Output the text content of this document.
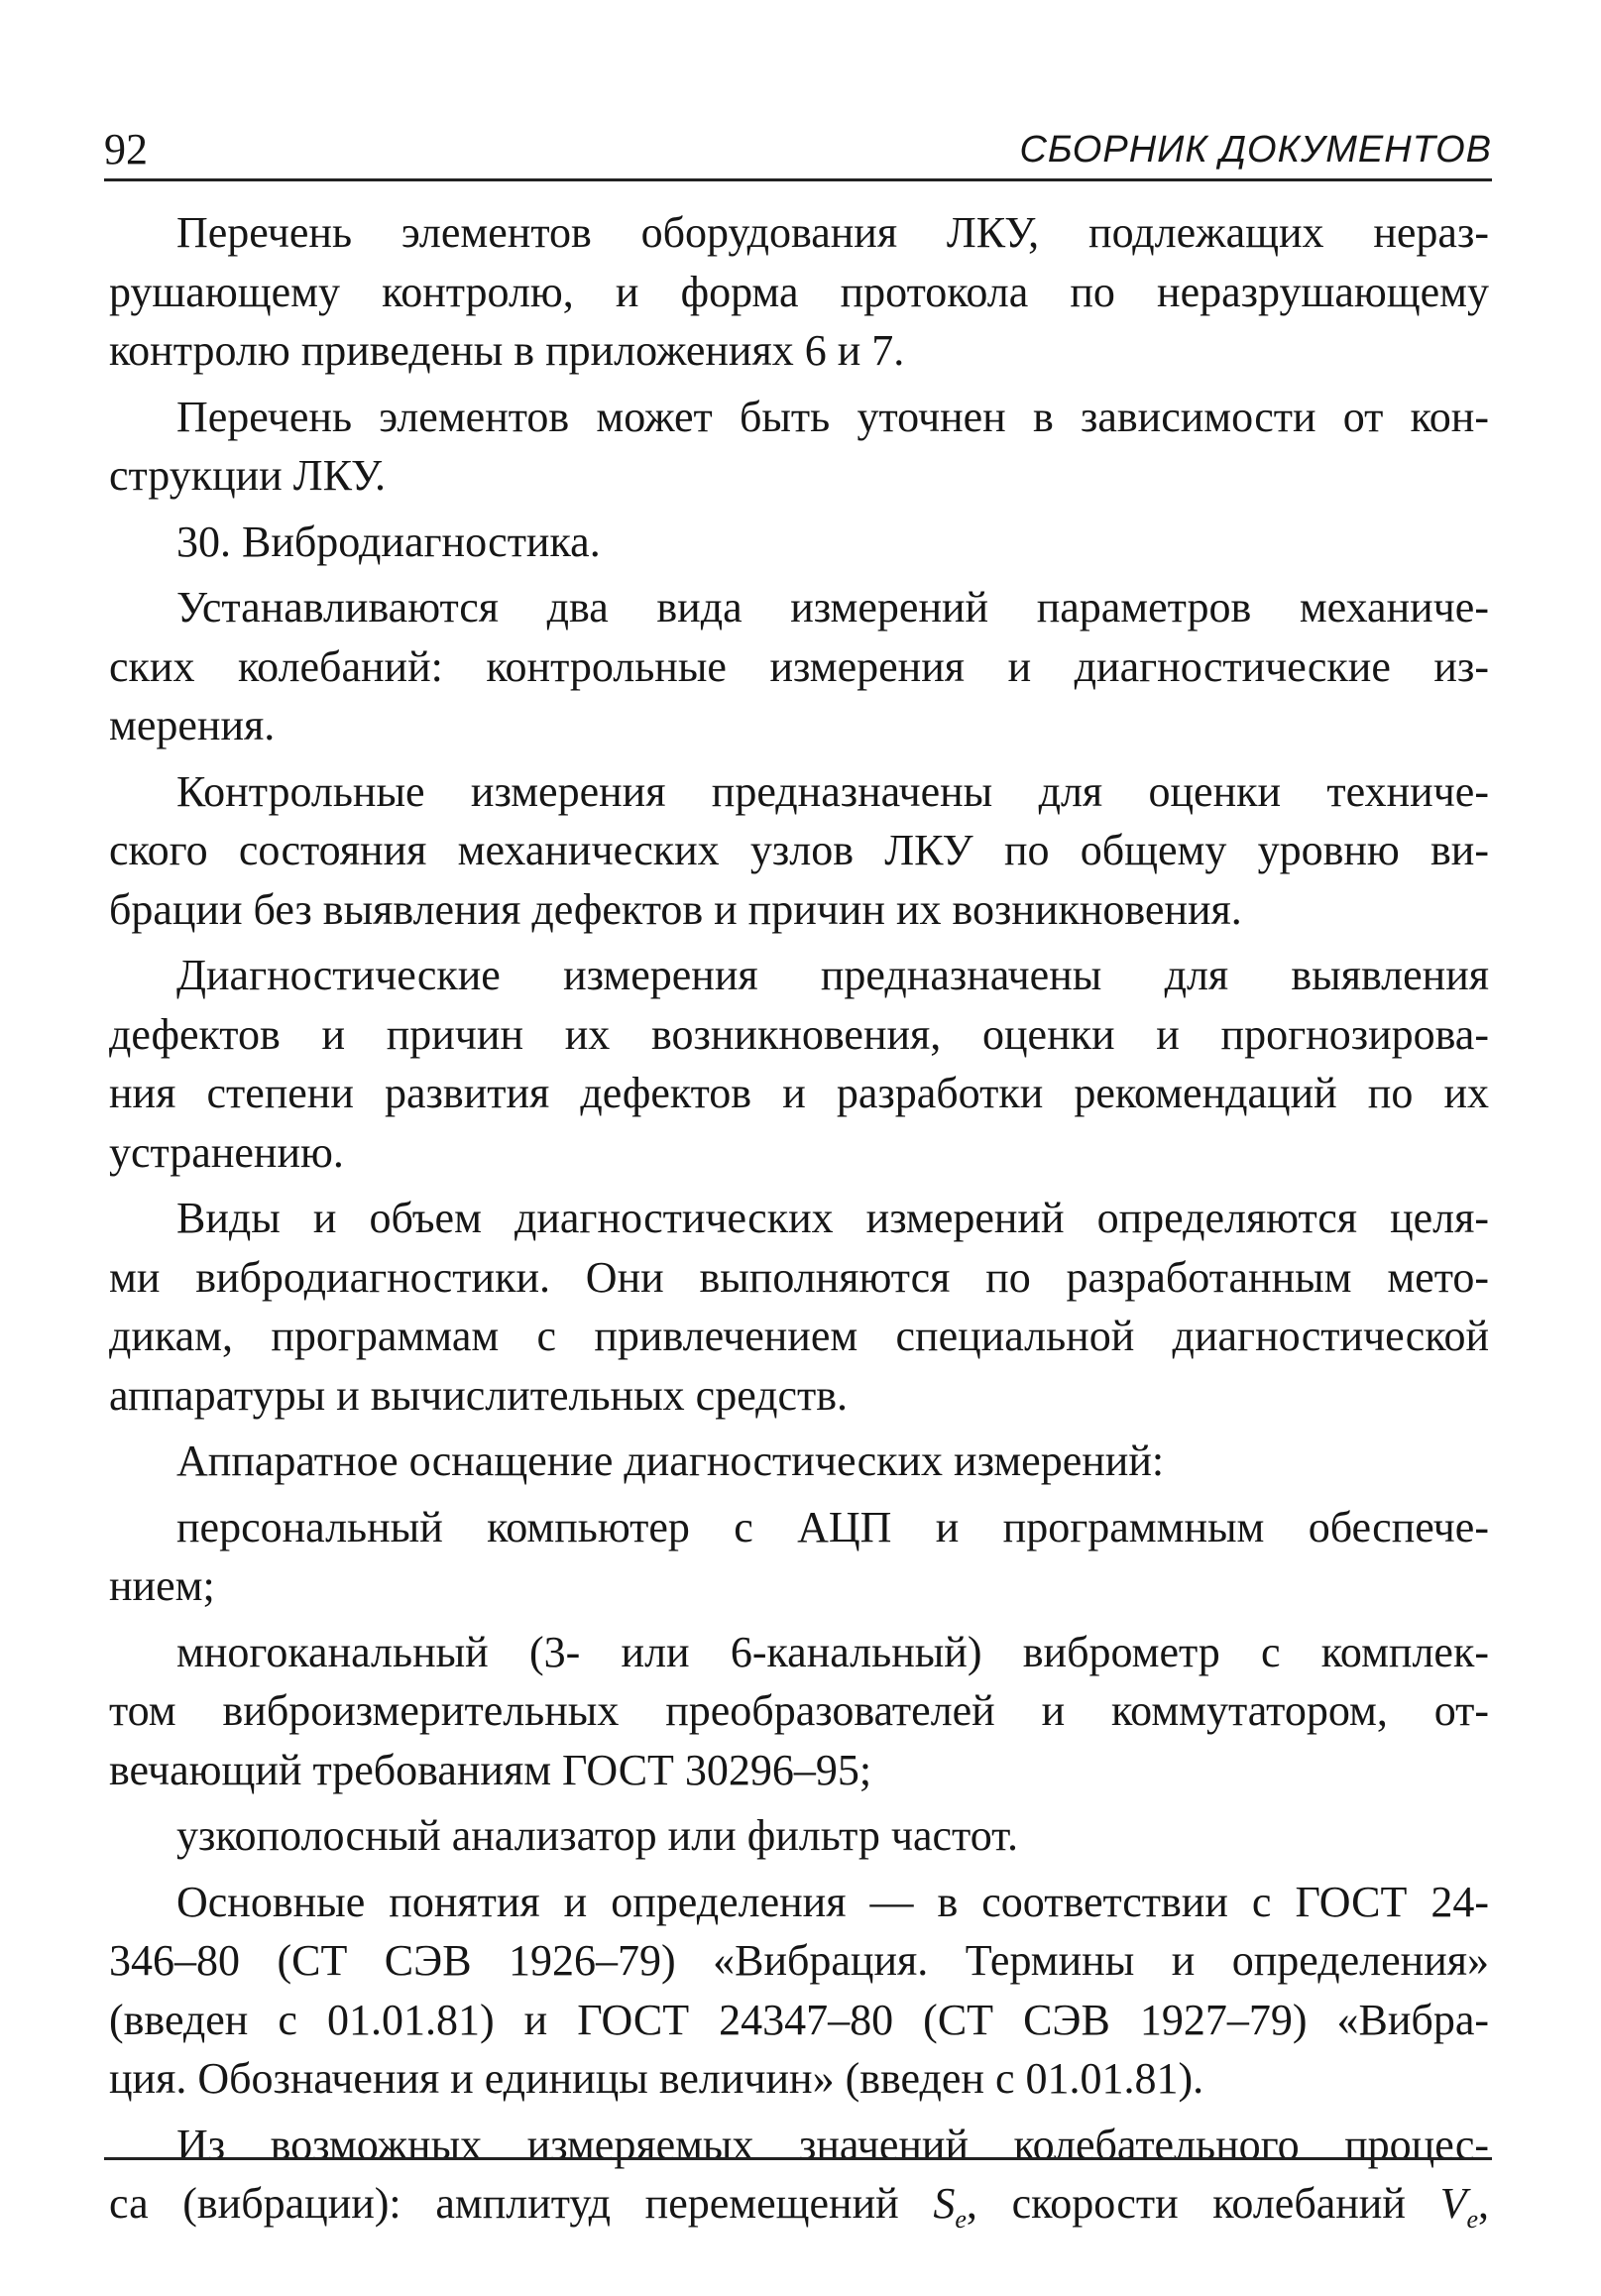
92	СБОРНИК ДОКУМЕНТОВ

Перечень элементов оборудования ЛКУ, подлежащих нераз-
рушающему контролю, и форма протокола по неразрушающему
контролю приведены в приложениях 6 и 7.

Перечень элементов может быть уточнен в зависимости от кон-
струкции ЛКУ.

30. Вибродиагностика.

Устанавливаются два вида измерений параметров механиче-
ских колебаний: контрольные измерения и диагностические из-
мерения.

Контрольные измерения предназначены для оценки техниче-
ского состояния механических узлов ЛКУ по общему уровню ви-
брации без выявления дефектов и причин их возникновения.

Диагностические измерения предназначены для выявления
дефектов и причин их возникновения, оценки и прогнозирова-
ния степени развития дефектов и разработки рекомендаций по их
устранению.

Виды и объем диагностических измерений определяются целя-
ми вибродиагностики. Они выполняются по разработанным мето-
дикам, программам с привлечением специальной диагностической
аппаратуры и вычислительных средств.

Аппаратное оснащение диагностических измерений:

персональный компьютер с АЦП и программным обеспече-
нием;

многоканальный (3- или 6-канальный) виброметр с комплек-
том виброизмерительных преобразователей и коммутатором, от-
вечающий требованиям ГОСТ 30296–95;

узкополосный анализатор или фильтр частот.

Основные понятия и определения — в соответствии с ГОСТ 24-
346–80 (СТ СЭВ 1926–79) «Вибрация. Термины и определения»
(введен с 01.01.81) и ГОСТ 24347–80 (СТ СЭВ 1927–79) «Вибра-
ция. Обозначения и единицы величин» (введен с 01.01.81).

Из возможных измеряемых значений колебательного процес-
са (вибрации): амплитуд перемещений $S_e$, скорости колебаний $V_e$,
